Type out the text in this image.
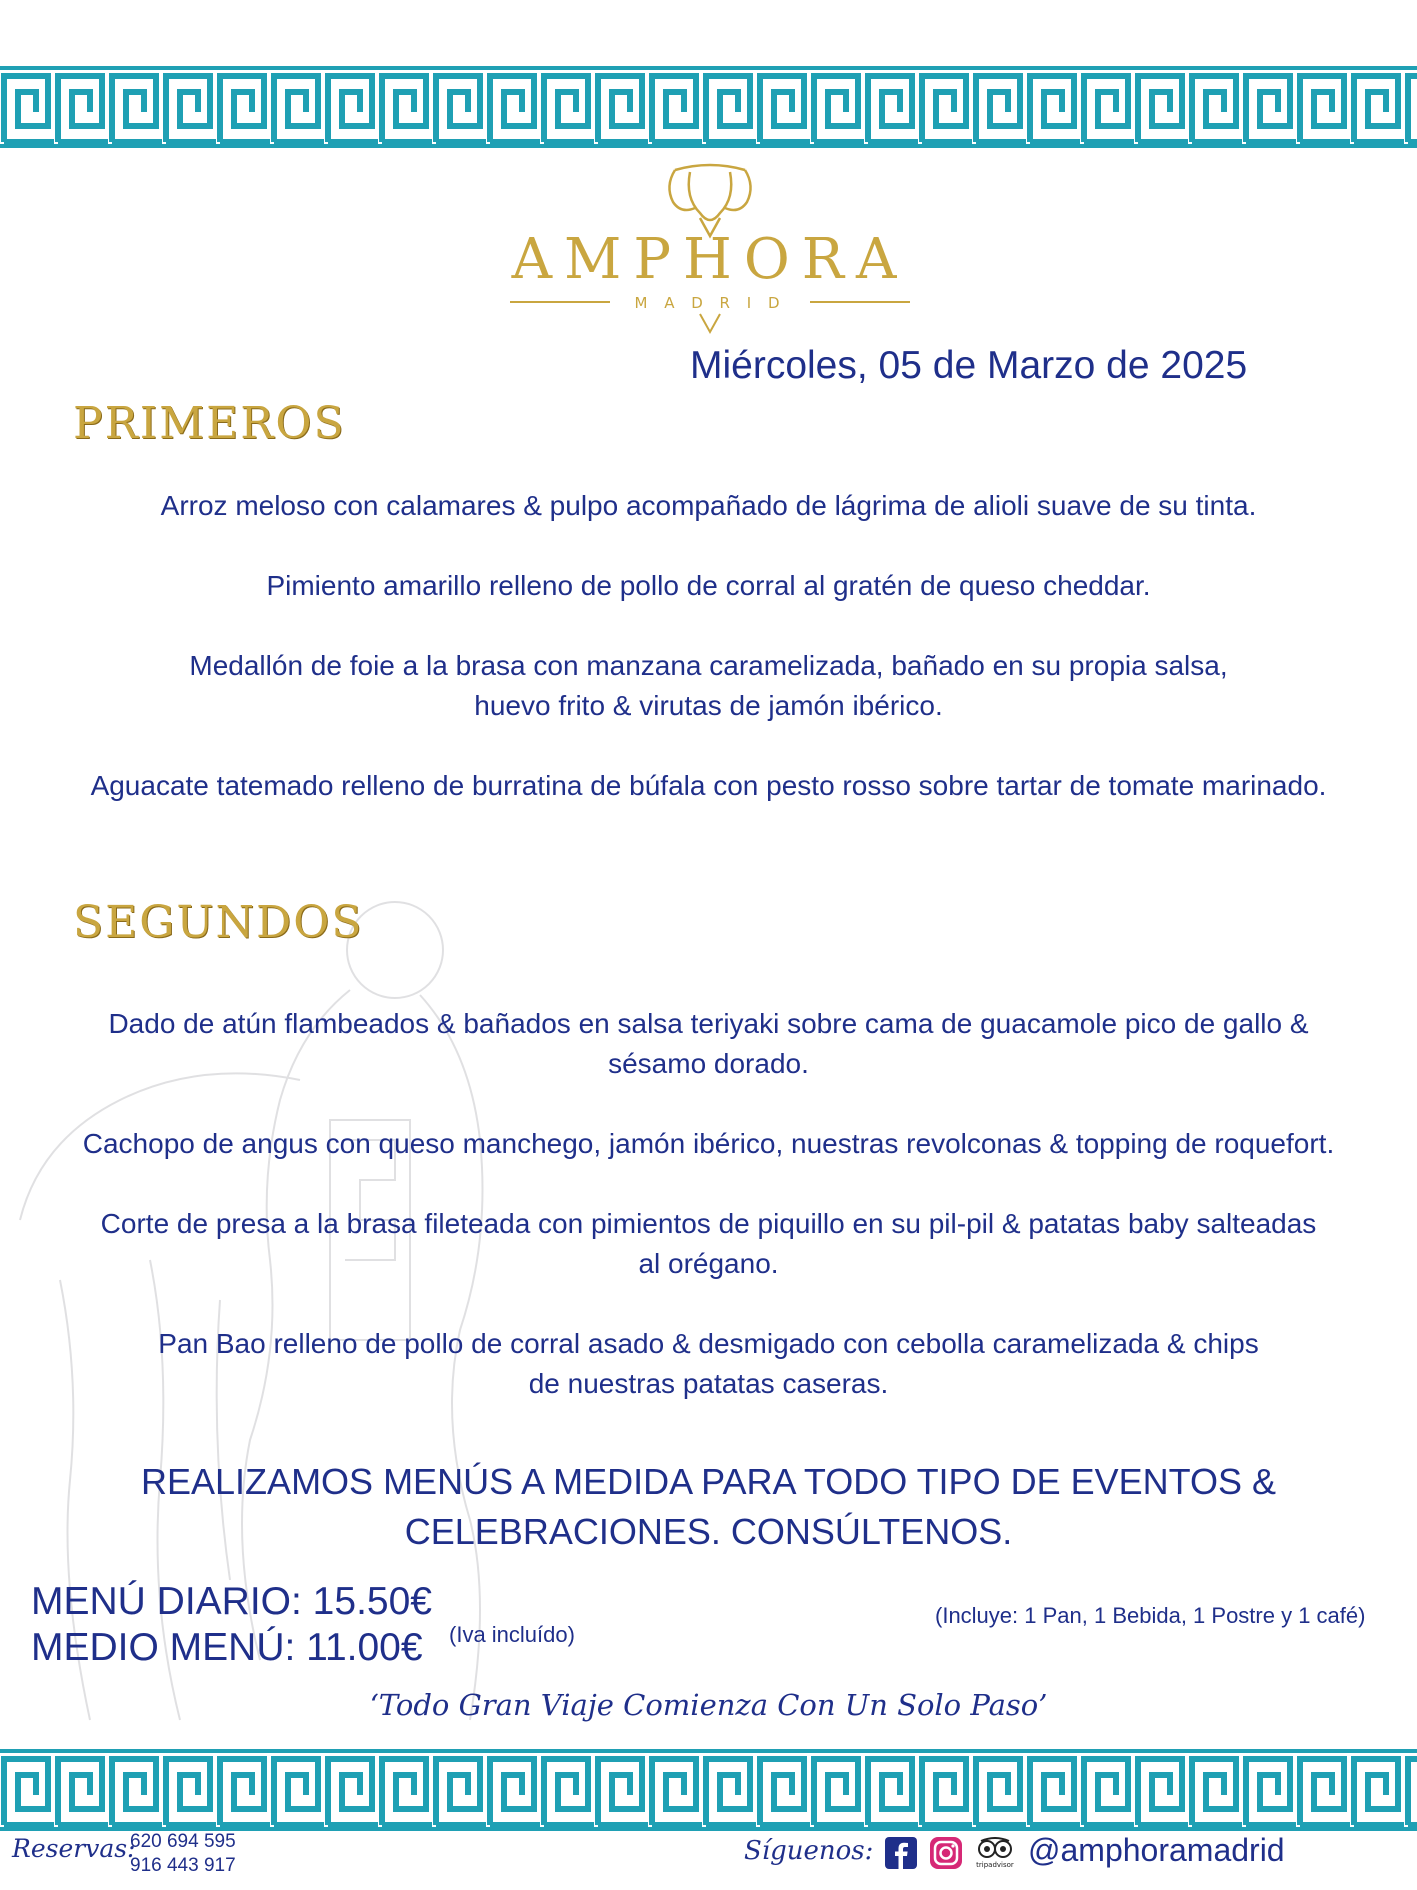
AMPHORA
M A D R I D
Miércoles, 05 de Marzo de 2025
PRIMEROS
Arroz meloso con calamares & pulpo acompañado de lágrima de alioli suave de su tinta.
Pimiento amarillo relleno de pollo de corral al gratén de queso cheddar.
Medallón de foie a la brasa con manzana caramelizada, bañado en su propia salsa,
huevo frito & virutas de jamón ibérico.
Aguacate tatemado relleno de burratina de búfala con pesto rosso sobre tartar de tomate marinado.
SEGUNDOS
Dado de atún flambeados & bañados en salsa teriyaki sobre cama de guacamole pico de gallo &
sésamo dorado.
Cachopo de angus con queso manchego, jamón ibérico, nuestras revolconas & topping de roquefort.
Corte de presa a la brasa fileteada con pimientos de piquillo en su pil-pil & patatas baby salteadas
al orégano.
Pan Bao relleno de pollo de corral asado & desmigado con cebolla caramelizada & chips
de nuestras patatas caseras.
REALIZAMOS MENÚS A MEDIDA PARA TODO TIPO DE EVENTOS &
CELEBRACIONES. CONSÚLTENOS.
MENÚ DIARIO: 15.50€
MEDIO MENÚ: 11.00€ (Iva incluído)
(Incluye: 1 Pan, 1 Bebida, 1 Postre y 1 café)
‘Todo Gran Viaje Comienza Con Un Solo Paso’
Reservas:
620 694 595
916 443 917	Síguenos:	tripadvisor @amphoramadrid
